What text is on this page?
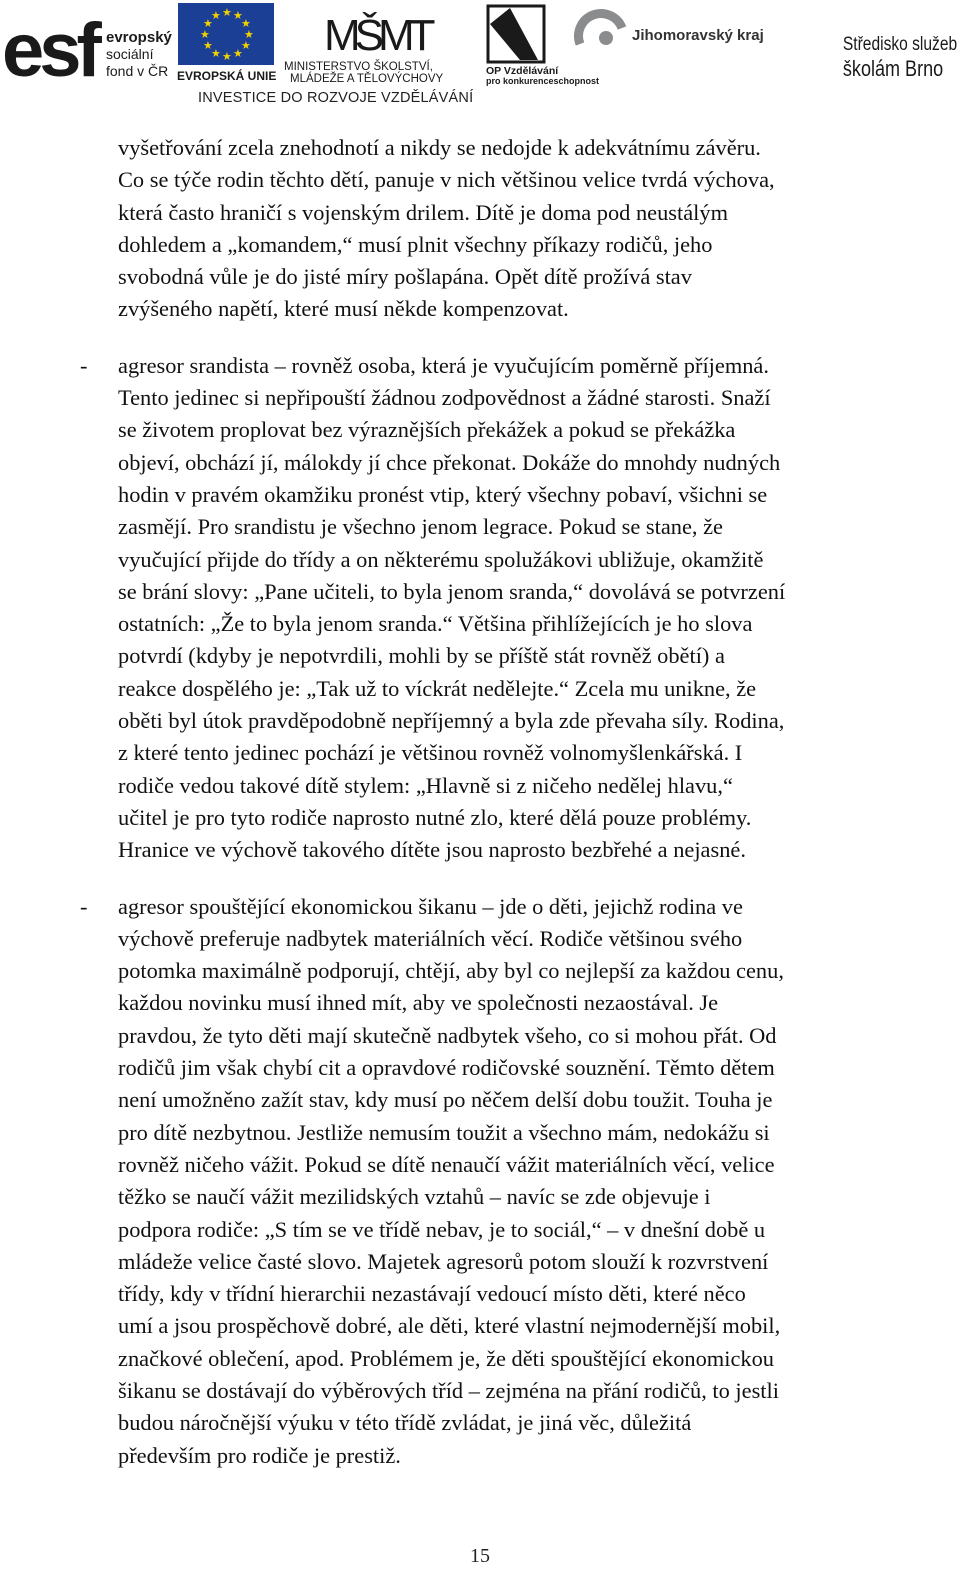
esf evropský
sociální
fond v ČR
★
★
★
★
★
★
★
★
★ ★ ★
★
EVROPSKÁ UNIE
MŠMT
MINISTERSTVO ŠKOLSTVÍ,
MLÁDEŽE A TĚLOVÝCHOVY
OP Vzdělávání
pro konkurenceschopnost
Jihomoravský kraj	Středisko služeb
školám Brno

INVESTICE DO ROZVOJE VZDĚLÁVÁNÍ

vyšetřování zcela znehodnotí a nikdy se nedojde k adekvátnímu závěru.
Co se týče rodin těchto dětí, panuje v nich většinou velice tvrdá výchova,
která často hraničí s vojenským drilem. Dítě je doma pod neustálým
dohledem a „komandem,“ musí plnit všechny příkazy rodičů, jeho
svobodná vůle je do jisté míry pošlapána. Opět dítě prožívá stav
zvýšeného napětí, které musí někde kompenzovat.

- agresor srandista – rovněž osoba, která je vyučujícím poměrně příjemná.
Tento jedinec si nepřipouští žádnou zodpovědnost a žádné starosti. Snaží
se životem proplovat bez výraznějších překážek a pokud se překážka
objeví, obchází jí, málokdy jí chce překonat. Dokáže do mnohdy nudných
hodin v pravém okamžiku pronést vtip, který všechny pobaví, všichni se
zasmějí. Pro srandistu je všechno jenom legrace. Pokud se stane, že
vyučující přijde do třídy a on některému spolužákovi ubližuje, okamžitě
se brání slovy: „Pane učiteli, to byla jenom sranda,“ dovolává se potvrzení
ostatních: „Že to byla jenom sranda.“ Většina přihlížejících je ho slova
potvrdí (kdyby je nepotvrdili, mohli by se příště stát rovněž obětí) a
reakce dospělého je: „Tak už to víckrát nedělejte.“ Zcela mu unikne, že
oběti byl útok pravděpodobně nepříjemný a byla zde převaha síly. Rodina,
z které tento jedinec pochází je většinou rovněž volnomyšlenkářská. I
rodiče vedou takové dítě stylem: „Hlavně si z ničeho nedělej hlavu,“
učitel je pro tyto rodiče naprosto nutné zlo, které dělá pouze problémy.
Hranice ve výchově takového dítěte jsou naprosto bezbřehé a nejasné.

- agresor spouštějící ekonomickou šikanu – jde o děti, jejichž rodina ve
výchově preferuje nadbytek materiálních věcí. Rodiče většinou svého
potomka maximálně podporují, chtějí, aby byl co nejlepší za každou cenu,
každou novinku musí ihned mít, aby ve společnosti nezaostával. Je
pravdou, že tyto děti mají skutečně nadbytek všeho, co si mohou přát. Od
rodičů jim však chybí cit a opravdové rodičovské souznění. Těmto dětem
není umožněno zažít stav, kdy musí po něčem delší dobu toužit. Touha je
pro dítě nezbytnou. Jestliže nemusím toužit a všechno mám, nedokážu si
rovněž ničeho vážit. Pokud se dítě nenaučí vážit materiálních věcí, velice
těžko se naučí vážit mezilidských vztahů – navíc se zde objevuje i
podpora rodiče: „S tím se ve třídě nebav, je to sociál,“ – v dnešní době u
mládeže velice časté slovo. Majetek agresorů potom slouží k rozvrstvení
třídy, kdy v třídní hierarchii nezastávají vedoucí místo děti, které něco
umí a jsou prospěchově dobré, ale děti, které vlastní nejmodernější mobil,
značkové oblečení, apod. Problémem je, že děti spouštějící ekonomickou
šikanu se dostávají do výběrových tříd – zejména na přání rodičů, to jestli
budou náročnější výuku v této třídě zvládat, je jiná věc, důležitá
především pro rodiče je prestiž.

15
